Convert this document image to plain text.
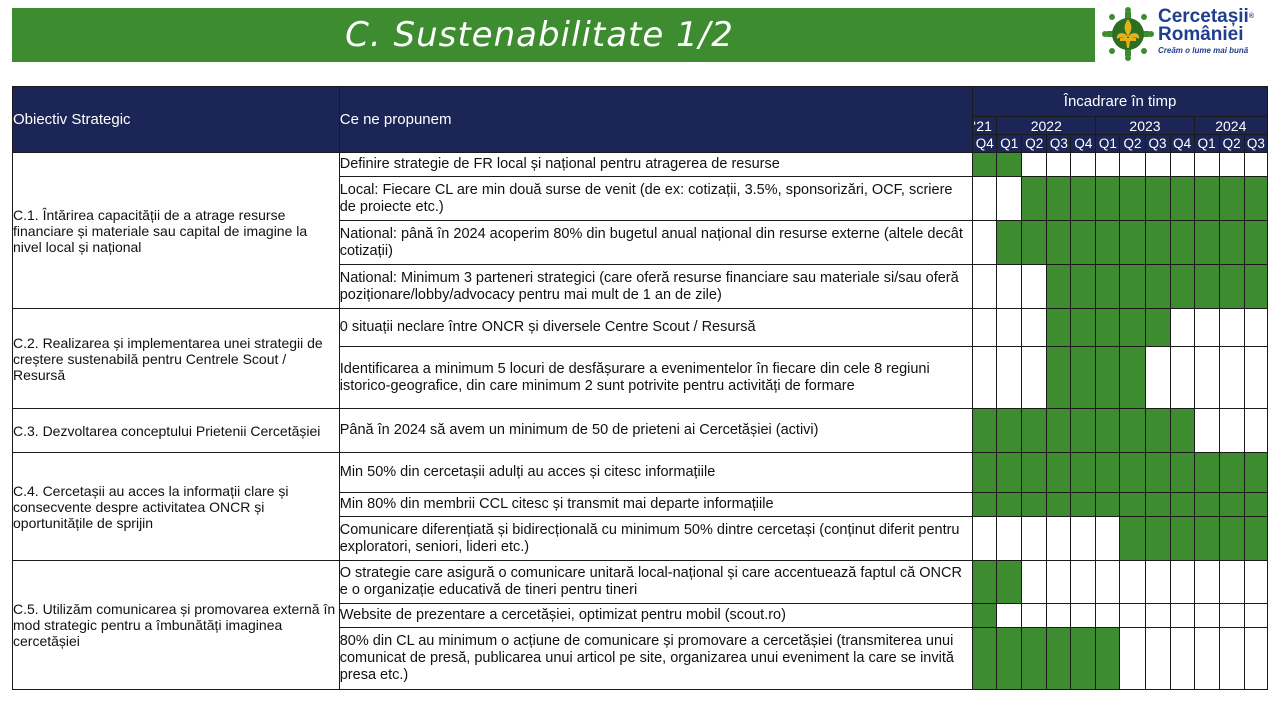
C. Sustenabilitate 1/2	Cercetașii®
României
Creăm o lume mai bună
Obiectiv Strategic	Ce ne propunem	Încadrare în timp											
		‘21	2022				2023				2024		
		Q4	Q1	Q2	Q3	Q4	Q1	Q2	Q3	Q4	Q1	Q2	Q3
C.1. Întărirea capacității de a atrage resurse financiare și materiale sau capital de imagine la nivel local și național	Definire strategie de FR local și național pentru atragerea de resurse												
	Local: Fiecare CL are min două surse de venit (de ex: cotizații, 3.5%, sponsorizări, OCF, scriere de proiecte etc.)												
	National: până în 2024 acoperim 80% din bugetul anual național din resurse externe (altele decât cotizații)												
	National: Minimum 3 parteneri strategici (care oferă resurse financiare sau materiale si/sau oferă poziționare/lobby/advocacy pentru mai mult de 1 an de zile)												
C.2. Realizarea și implementarea unei strategii de creștere sustenabilă pentru Centrele Scout / Resursă	0 situații neclare între ONCR și diversele Centre Scout / Resursă												
	Identificarea a minimum 5 locuri de desfășurare a evenimentelor în fiecare din cele 8 regiuni istorico-geografice, din care minimum 2 sunt potrivite pentru activități de formare												
C.3. Dezvoltarea conceptului Prietenii Cercetășiei	Până în 2024 să avem un minimum de 50 de prieteni ai Cercetășiei (activi)												
C.4. Cercetașii au acces la informații clare și consecvente despre activitatea ONCR și oportunitățile de sprijin	Min 50% din cercetașii adulți au acces și citesc informațiile												
	Min 80% din membrii CCL citesc și transmit mai departe informațiile												
	Comunicare diferențiată și bidirecțională cu minimum 50% dintre cercetași (conținut diferit pentru exploratori, seniori, lideri etc.)												
C.5. Utilizăm comunicarea și promovarea externă în mod strategic pentru a îmbunătăți imaginea cercetășiei	O strategie care asigură o comunicare unitară local-național și care accentuează faptul că ONCR e o organizație educativă de tineri pentru tineri												
	Website de prezentare a cercetășiei, optimizat pentru mobil (scout.ro)												
	80% din CL au minimum o acțiune de comunicare și promovare a cercetășiei (transmiterea unui comunicat de presă, publicarea unui articol pe site, organizarea unui eveniment la care se invită presa etc.)												
